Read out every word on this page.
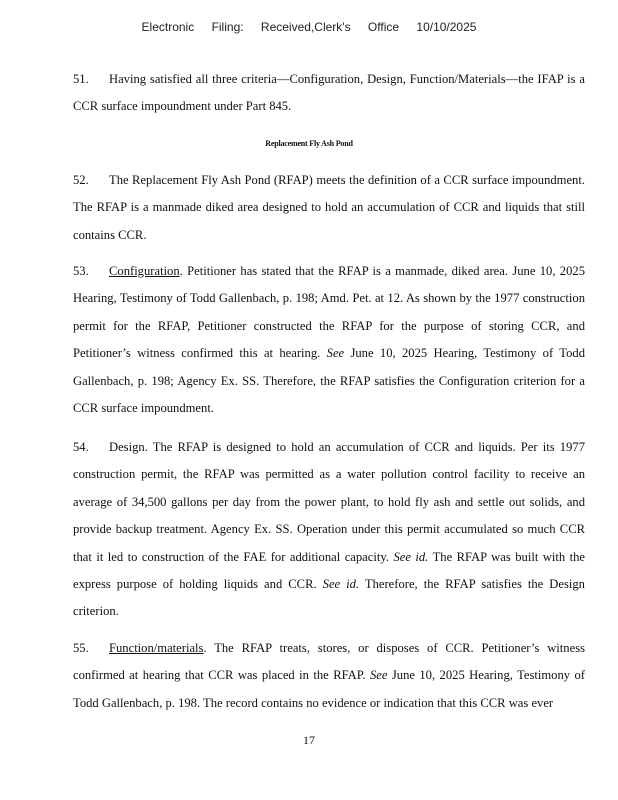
Electronic Filing: Received,Clerk's Office 10/10/2025
51. Having satisfied all three criteria—Configuration, Design, Function/Materials—the IFAP is a CCR surface impoundment under Part 845.
Replacement Fly Ash Pond
52. The Replacement Fly Ash Pond (RFAP) meets the definition of a CCR surface impoundment. The RFAP is a manmade diked area designed to hold an accumulation of CCR and liquids that still contains CCR.
53. Configuration. Petitioner has stated that the RFAP is a manmade, diked area. June 10, 2025 Hearing, Testimony of Todd Gallenbach, p. 198; Amd. Pet. at 12. As shown by the 1977 construction permit for the RFAP, Petitioner constructed the RFAP for the purpose of storing CCR, and Petitioner’s witness confirmed this at hearing. See June 10, 2025 Hearing, Testimony of Todd Gallenbach, p. 198; Agency Ex. SS. Therefore, the RFAP satisfies the Configuration criterion for a CCR surface impoundment.
54. Design. The RFAP is designed to hold an accumulation of CCR and liquids. Per its 1977 construction permit, the RFAP was permitted as a water pollution control facility to receive an average of 34,500 gallons per day from the power plant, to hold fly ash and settle out solids, and provide backup treatment. Agency Ex. SS. Operation under this permit accumulated so much CCR that it led to construction of the FAE for additional capacity. See id. The RFAP was built with the express purpose of holding liquids and CCR. See id. Therefore, the RFAP satisfies the Design criterion.
55. Function/materials. The RFAP treats, stores, or disposes of CCR. Petitioner’s witness confirmed at hearing that CCR was placed in the RFAP. See June 10, 2025 Hearing, Testimony of Todd Gallenbach, p. 198. The record contains no evidence or indication that this CCR was ever
17
